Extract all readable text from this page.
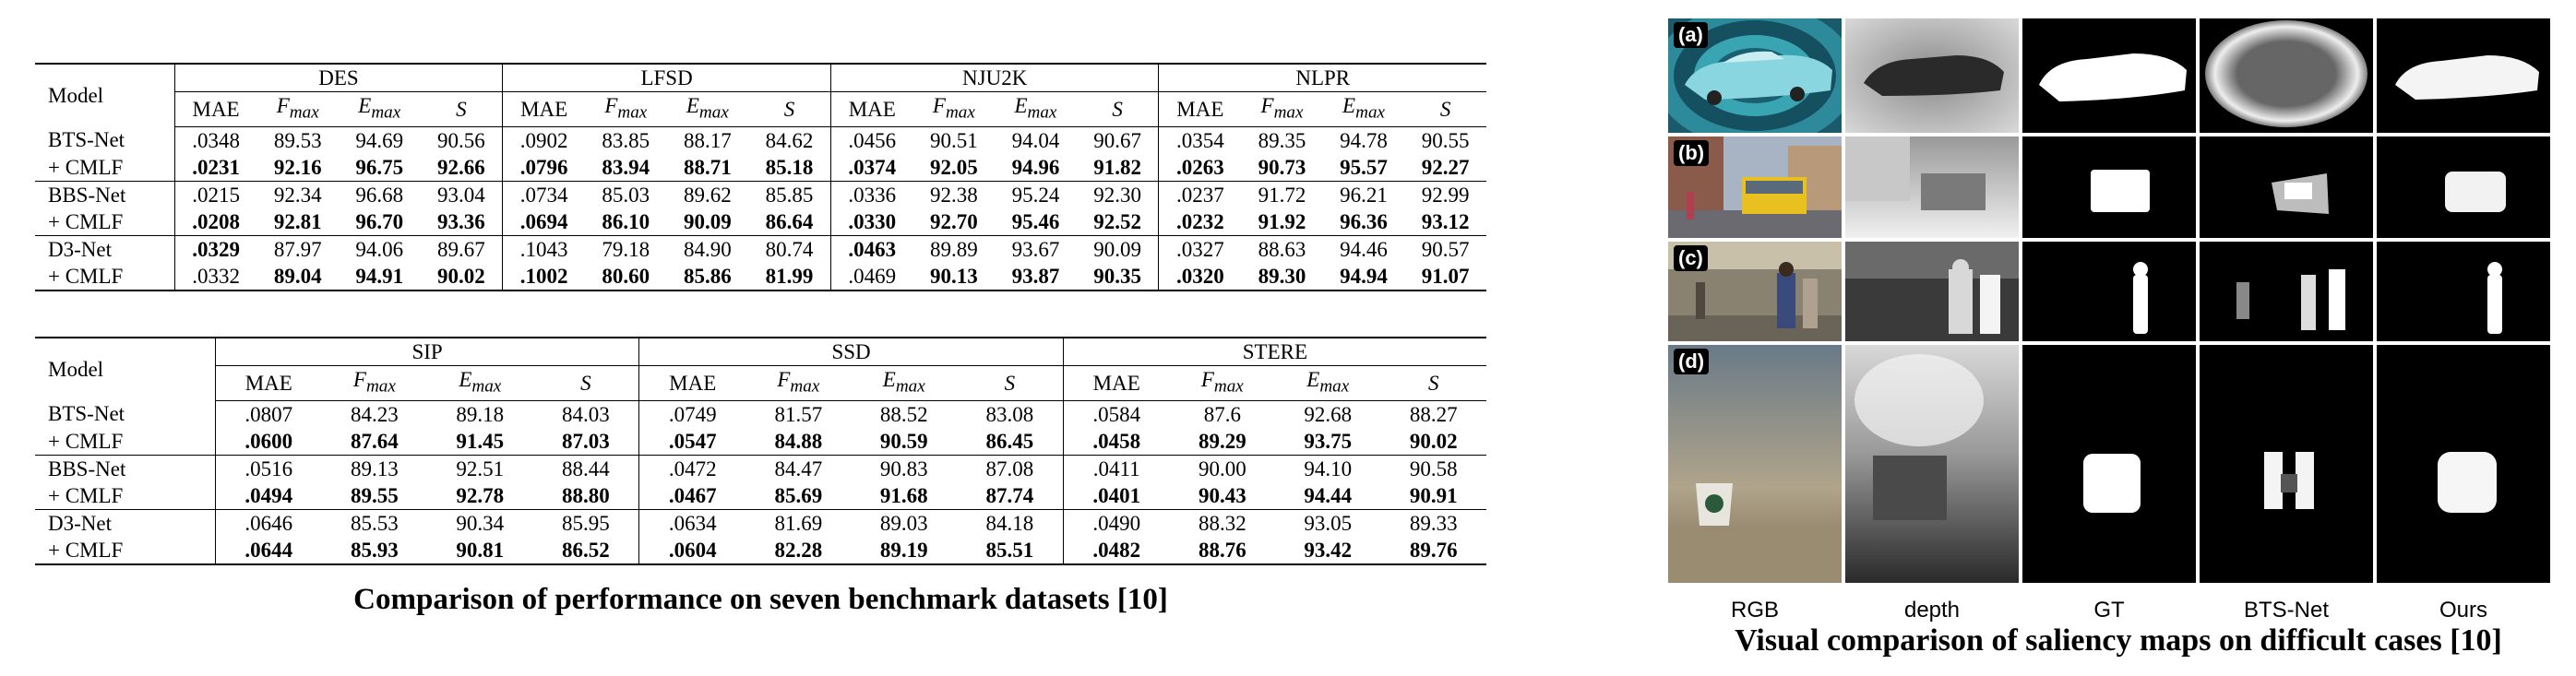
Model	DES				LFSD				NJU2K				NLPR			
	MAE	$F_{max}$	$E_{max}$	S	MAE	$F_{max}$	$E_{max}$	S	MAE	$F_{max}$	$E_{max}$	S	MAE	$F_{max}$	$E_{max}$	S
BTS-Net	.0348	89.53	94.69	90.56	.0902	83.85	88.17	84.62	.0456	90.51	94.04	90.67	.0354	89.35	94.78	90.55
+ CMLF	.0231	92.16	96.75	92.66	.0796	83.94	88.71	85.18	.0374	92.05	94.96	91.82	.0263	90.73	95.57	92.27
BBS-Net	.0215	92.34	96.68	93.04	.0734	85.03	89.62	85.85	.0336	92.38	95.24	92.30	.0237	91.72	96.21	92.99
+ CMLF	.0208	92.81	96.70	93.36	.0694	86.10	90.09	86.64	.0330	92.70	95.46	92.52	.0232	91.92	96.36	93.12
D3-Net	.0329	87.97	94.06	89.67	.1043	79.18	84.90	80.74	.0463	89.89	93.67	90.09	.0327	88.63	94.46	90.57
+ CMLF	.0332	89.04	94.91	90.02	.1002	80.60	85.86	81.99	.0469	90.13	93.87	90.35	.0320	89.30	94.94	91.07
Model	SIP				SSD				STERE			
	MAE	$F_{max}$	$E_{max}$	S	MAE	$F_{max}$	$E_{max}$	S	MAE	$F_{max}$	$E_{max}$	S
BTS-Net	.0807	84.23	89.18	84.03	.0749	81.57	88.52	83.08	.0584	87.6	92.68	88.27
+ CMLF	.0600	87.64	91.45	87.03	.0547	84.88	90.59	86.45	.0458	89.29	93.75	90.02
BBS-Net	.0516	89.13	92.51	88.44	.0472	84.47	90.83	87.08	.0411	90.00	94.10	90.58
+ CMLF	.0494	89.55	92.78	88.80	.0467	85.69	91.68	87.74	.0401	90.43	94.44	90.91
D3-Net	.0646	85.53	90.34	85.95	.0634	81.69	89.03	84.18	.0490	88.32	93.05	89.33
+ CMLF	.0644	85.93	90.81	86.52	.0604	82.28	89.19	85.51	.0482	88.76	93.42	89.76
Comparison of performance on seven benchmark datasets [10]
(a)
(b)
(c)
(d)
RGB	depth	GT	BTS-Net	Ours
Visual comparison of saliency maps on difficult cases [10]
